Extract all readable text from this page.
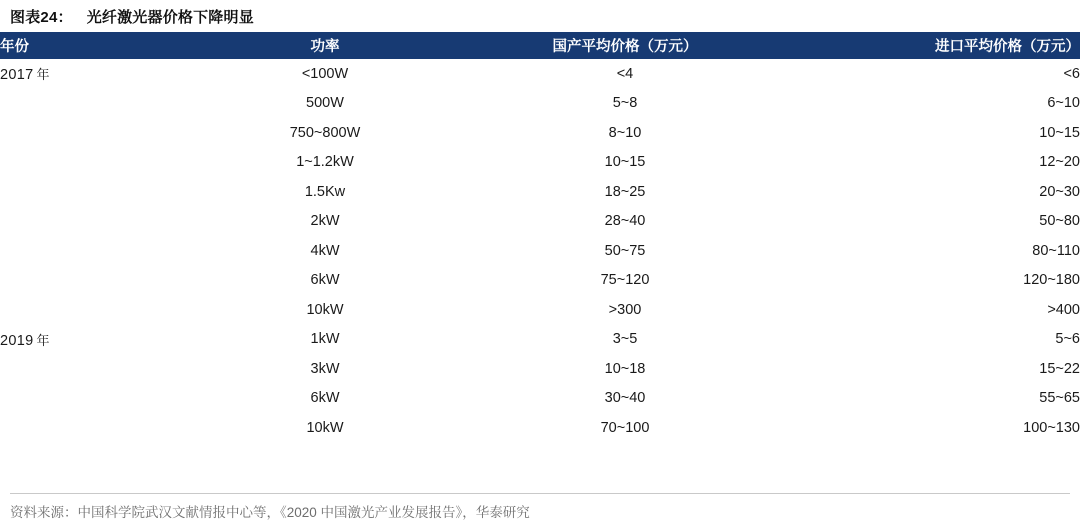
图表24： 光纤激光器价格下降明显
年份	功率	国产平均价格（万元）	进口平均价格（万元）
2017 年	<100W	<4	<6
	500W	5~8	6~10
	750~800W	8~10	10~15
	1~1.2kW	10~15	12~20
	1.5Kw	18~25	20~30
	2kW	28~40	50~80
	4kW	50~75	80~110
	6kW	75~120	120~180
	10kW	>300	>400
2019 年	1kW	3~5	5~6
	3kW	10~18	15~22
	6kW	30~40	55~65
	10kW	70~100	100~130
资料来源：中国科学院武汉文献情报中心等，《2020 中国激光产业发展报告》，华泰研究
